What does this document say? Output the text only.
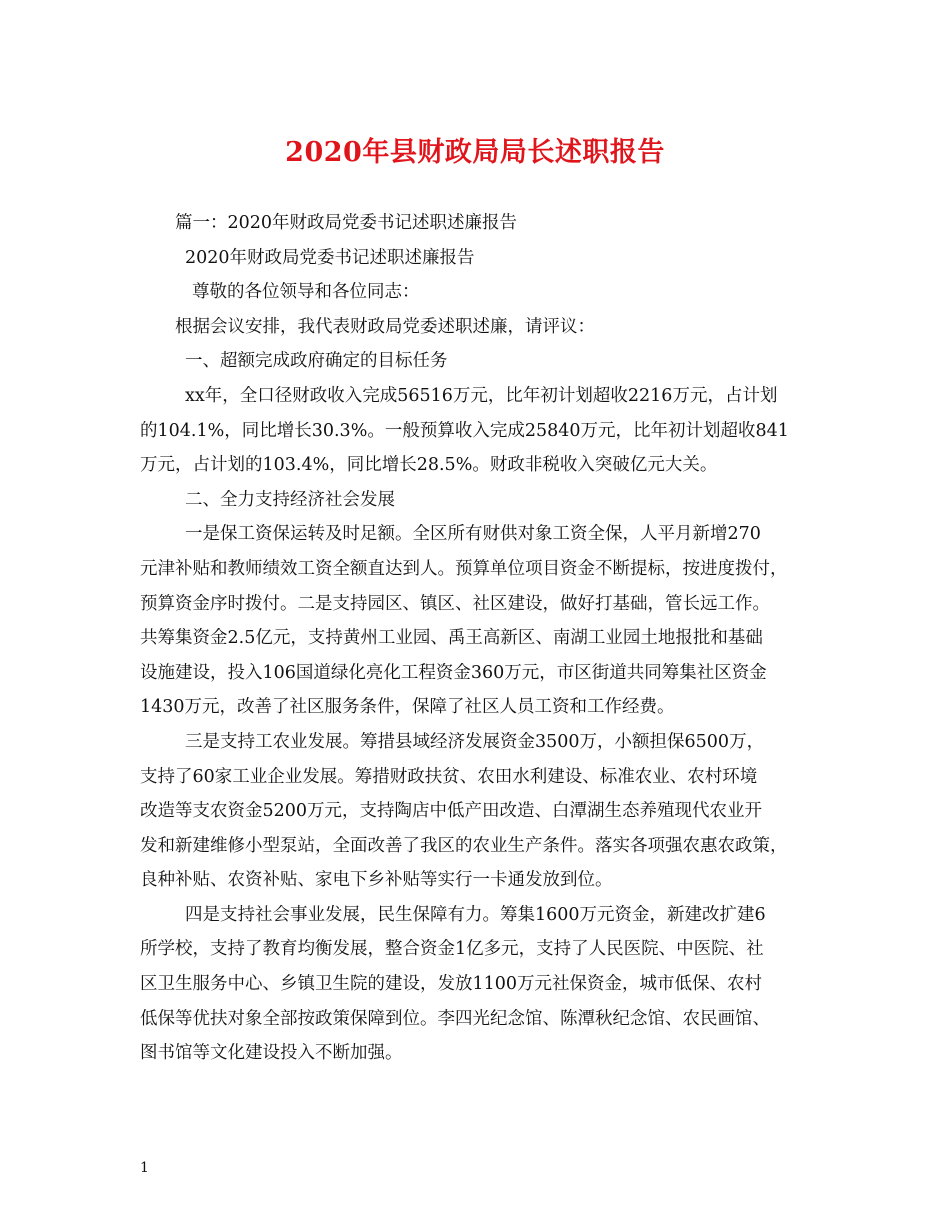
2020年县财政局局长述职报告
篇一：2020年财政局党委书记述职述廉报告
2020年财政局党委书记述职述廉报告
尊敬的各位领导和各位同志：
根据会议安排，我代表财政局党委述职述廉，请评议：
一、超额完成政府确定的目标任务
xx年，全口径财政收入完成56516万元，比年初计划超收2216万元，占计划
的104.1%，同比增长30.3%。一般预算收入完成25840万元，比年初计划超收841
万元，占计划的103.4%，同比增长28.5%。财政非税收入突破亿元大关。
二、全力支持经济社会发展
一是保工资保运转及时足额。全区所有财供对象工资全保，人平月新增270
元津补贴和教师绩效工资全额直达到人。预算单位项目资金不断提标，按进度拨付，
预算资金序时拨付。二是支持园区、镇区、社区建设，做好打基础，管长远工作。
共筹集资金2.5亿元，支持黄州工业园、禹王高新区、南湖工业园土地报批和基础
设施建设，投入106国道绿化亮化工程资金360万元，市区街道共同筹集社区资金
1430万元，改善了社区服务条件，保障了社区人员工资和工作经费。
三是支持工农业发展。筹措县域经济发展资金3500万，小额担保6500万，
支持了60家工业企业发展。筹措财政扶贫、农田水利建设、标准农业、农村环境
改造等支农资金5200万元，支持陶店中低产田改造、白潭湖生态养殖现代农业开
发和新建维修小型泵站，全面改善了我区的农业生产条件。落实各项强农惠农政策，
良种补贴、农资补贴、家电下乡补贴等实行一卡通发放到位。
四是支持社会事业发展，民生保障有力。筹集1600万元资金，新建改扩建6
所学校，支持了教育均衡发展，整合资金1亿多元，支持了人民医院、中医院、社
区卫生服务中心、乡镇卫生院的建设，发放1100万元社保资金，城市低保、农村
低保等优扶对象全部按政策保障到位。李四光纪念馆、陈潭秋纪念馆、农民画馆、
图书馆等文化建设投入不断加强。
1
